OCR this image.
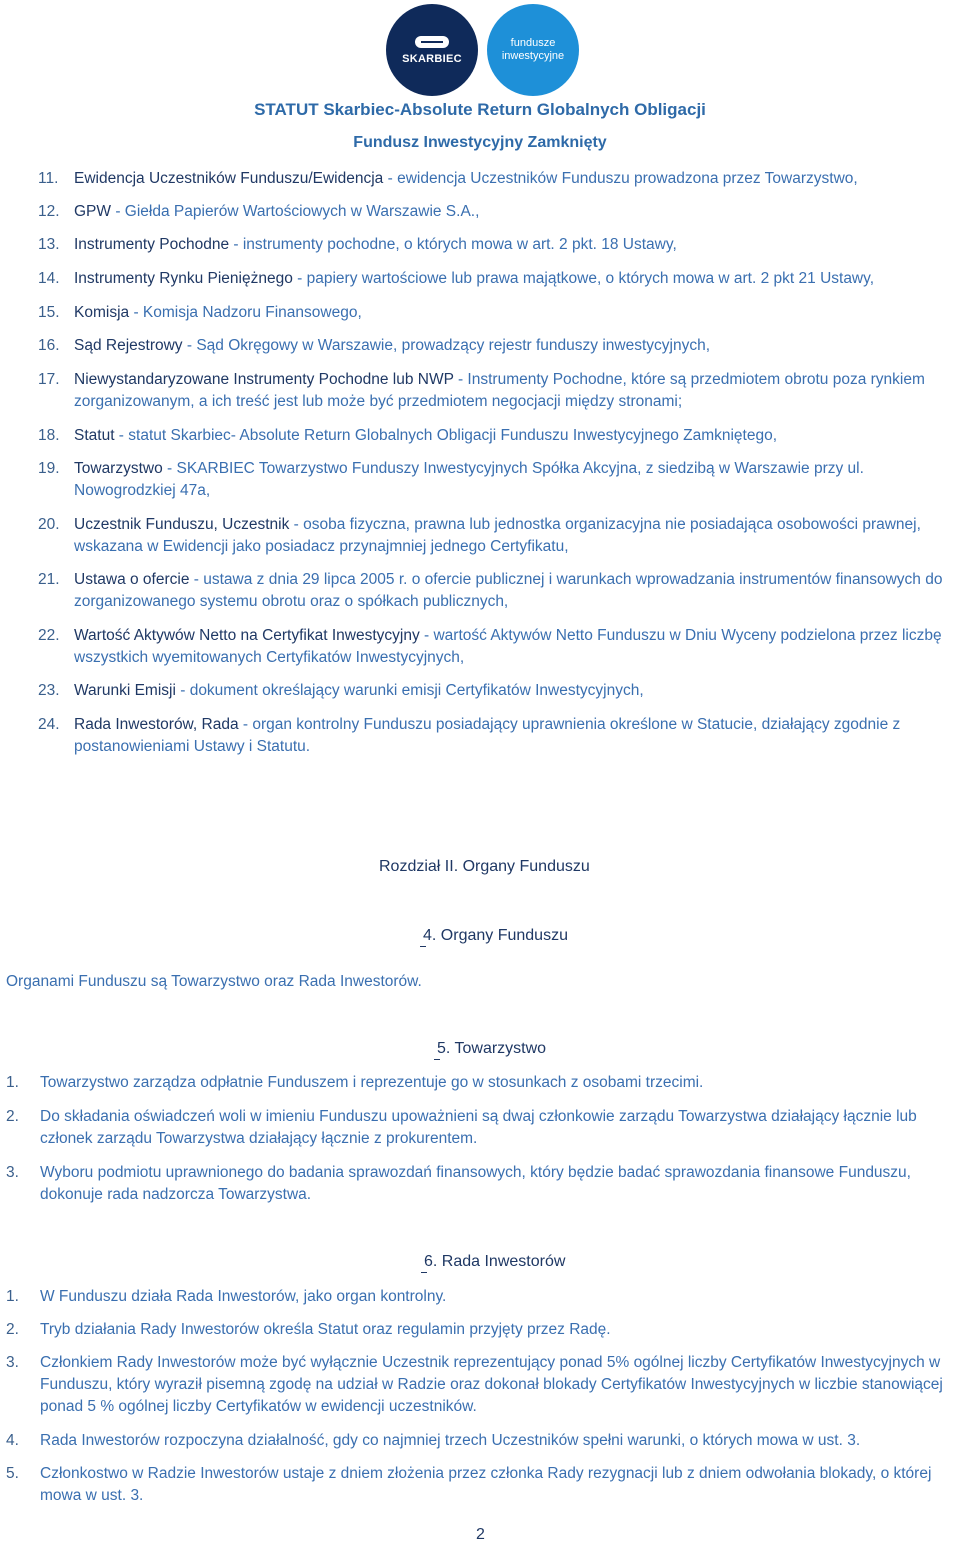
SKARBIEC
fundusze
inwestycyjne
STATUT Skarbiec-Absolute Return Globalnych Obligacji
Fundusz Inwestycyjny Zamknięty
11. Ewidencja Uczestników Funduszu/Ewidencja - ewidencja Uczestników Funduszu prowadzona przez Towarzystwo,
12. GPW - Giełda Papierów Wartościowych w Warszawie S.A.,
13. Instrumenty Pochodne - instrumenty pochodne, o których mowa w art. 2 pkt. 18 Ustawy,
14. Instrumenty Rynku Pieniężnego - papiery wartościowe lub prawa majątkowe, o których mowa w art. 2 pkt 21 Ustawy,
15. Komisja - Komisja Nadzoru Finansowego,
16. Sąd Rejestrowy - Sąd Okręgowy w Warszawie, prowadzący rejestr funduszy inwestycyjnych,
17. Niewystandaryzowane Instrumenty Pochodne lub NWP - Instrumenty Pochodne, które są przedmiotem obrotu poza rynkiem
zorganizowanym, a ich treść jest lub może być przedmiotem negocjacji między stronami;
18. Statut - statut Skarbiec- Absolute Return Globalnych Obligacji Funduszu Inwestycyjnego Zamkniętego,
19. Towarzystwo - SKARBIEC Towarzystwo Funduszy Inwestycyjnych Spółka Akcyjna, z siedzibą w Warszawie przy ul.
Nowogrodzkiej 47a,
20. Uczestnik Funduszu, Uczestnik - osoba fizyczna, prawna lub jednostka organizacyjna nie posiadająca osobowości prawnej,
wskazana w Ewidencji jako posiadacz przynajmniej jednego Certyfikatu,
21. Ustawa o ofercie - ustawa z dnia 29 lipca 2005 r. o ofercie publicznej i warunkach wprowadzania instrumentów finansowych do
zorganizowanego systemu obrotu oraz o spółkach publicznych,
22. Wartość Aktywów Netto na Certyfikat Inwestycyjny - wartość Aktywów Netto Funduszu w Dniu Wyceny podzielona przez liczbę
wszystkich wyemitowanych Certyfikatów Inwestycyjnych,
23. Warunki Emisji - dokument określający warunki emisji Certyfikatów Inwestycyjnych,
24. Rada Inwestorów, Rada - organ kontrolny Funduszu posiadający uprawnienia określone w Statucie, działający zgodnie z
postanowieniami Ustawy i Statutu.
Rozdział II. Organy Funduszu
4. Organy Funduszu
Organami Funduszu są Towarzystwo oraz Rada Inwestorów.
5. Towarzystwo
1. Towarzystwo zarządza odpłatnie Funduszem i reprezentuje go w stosunkach z osobami trzecimi.
2. Do składania oświadczeń woli w imieniu Funduszu upoważnieni są dwaj członkowie zarządu Towarzystwa działający łącznie lub
członek zarządu Towarzystwa działający łącznie z prokurentem.
3. Wyboru podmiotu uprawnionego do badania sprawozdań finansowych, który będzie badać sprawozdania finansowe Funduszu,
dokonuje rada nadzorcza Towarzystwa.
6. Rada Inwestorów
1. W Funduszu działa Rada Inwestorów, jako organ kontrolny.
2. Tryb działania Rady Inwestorów określa Statut oraz regulamin przyjęty przez Radę.
3. Członkiem Rady Inwestorów może być wyłącznie Uczestnik reprezentujący ponad 5% ogólnej liczby Certyfikatów Inwestycyjnych w
Funduszu, który wyraził pisemną zgodę na udział w Radzie oraz dokonał blokady Certyfikatów Inwestycyjnych w liczbie stanowiącej
ponad 5 % ogólnej liczby Certyfikatów w ewidencji uczestników.
4. Rada Inwestorów rozpoczyna działalność, gdy co najmniej trzech Uczestników spełni warunki, o których mowa w ust. 3.
5. Członkostwo w Radzie Inwestorów ustaje z dniem złożenia przez członka Rady rezygnacji lub z dniem odwołania blokady, o której
mowa w ust. 3.
2
